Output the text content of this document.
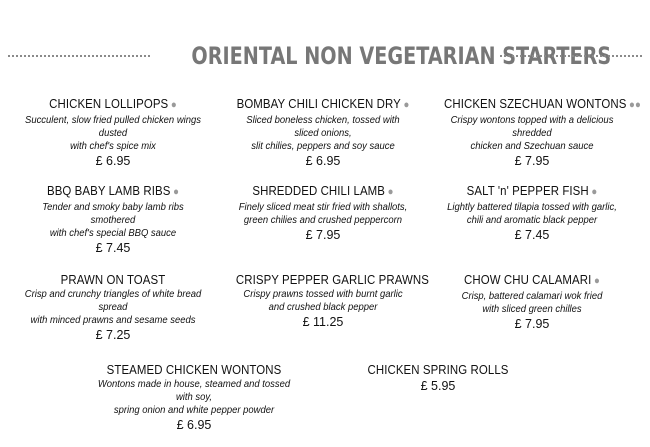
ORIENTAL NON VEGETARIAN STARTERS
CHICKEN LOLLIPOPS ●
Succulent, slow fried pulled chicken wings dusted
with chef's spice mix
£ 6.95
BOMBAY CHILI CHICKEN DRY ●
Sliced boneless chicken, tossed with sliced onions,
slit chilies, peppers and soy sauce
£ 6.95
CHICKEN SZECHUAN WONTONS ●●
Crispy wontons topped with a delicious shredded
chicken and Szechuan sauce
£ 7.95
BBQ BABY LAMB RIBS ●
Tender and smoky baby lamb ribs smothered
with chef's special BBQ sauce
£ 7.45
SHREDDED CHILI LAMB ●
Finely sliced meat stir fried with shallots,
green chilies and crushed peppercorn
£ 7.95
SALT 'n' PEPPER FISH ●
Lightly battered tilapia tossed with garlic,
chili and aromatic black pepper
£ 7.45
PRAWN ON TOAST
Crisp and crunchy triangles of white bread spread
with minced prawns and sesame seeds
£ 7.25
CRISPY PEPPER GARLIC PRAWNS
Crispy prawns tossed with burnt garlic
and crushed black pepper
£ 11.25
CHOW CHU CALAMARI ●
Crisp, battered calamari wok fried
with sliced green chilles
£ 7.95
STEAMED CHICKEN WONTONS
Wontons made in house, steamed and tossed with soy,
spring onion and white pepper powder
£ 6.95
CHICKEN SPRING ROLLS
£ 5.95
